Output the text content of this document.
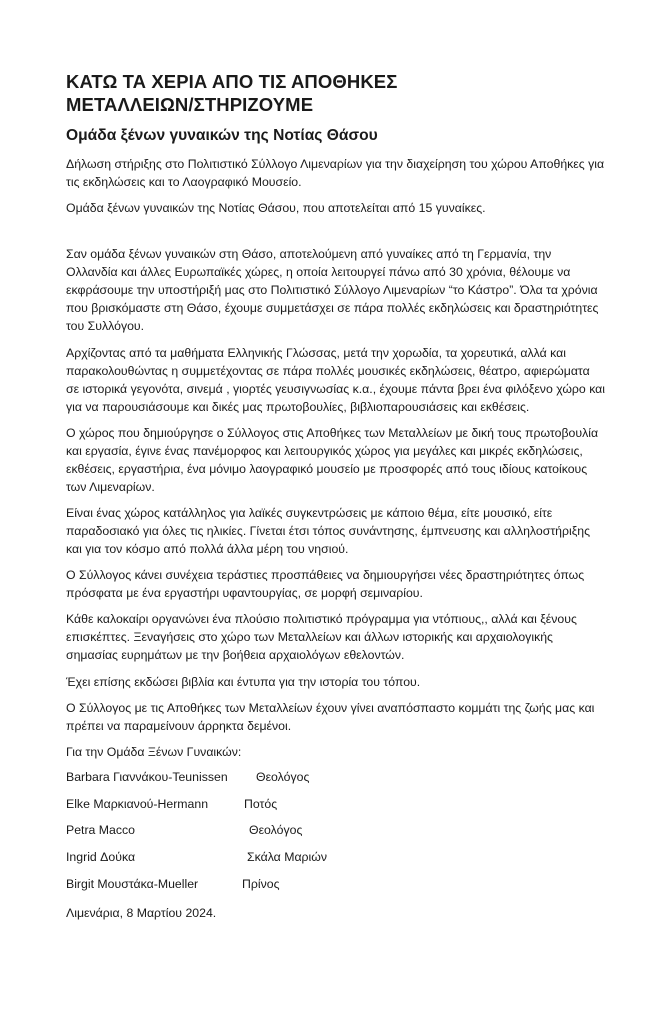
ΚΑΤΩ ΤΑ ΧΕΡΙΑ ΑΠΟ ΤΙΣ ΑΠΟΘΗΚΕΣ
ΜΕΤΑΛΛΕΙΩΝ/ΣΤΗΡΙΖΟΥΜΕ
Ομάδα ξένων γυναικών της Νοτίας Θάσου

Δήλωση στήριξης στο Πολιτιστικό Σύλλογο Λιμεναρίων για την διαχείρηση του χώρου Αποθήκες για τις εκδηλώσεις και το Λαογραφικό Μουσείο.

Ομάδα ξένων γυναικών της Νοτίας Θάσου, που αποτελείται από 15 γυναίκες.

Σαν ομάδα ξένων γυναικών στη Θάσο, αποτελούμενη από γυναίκες από τη Γερμανία, την Ολλανδία και άλλες Ευρωπαϊκές χώρες, η οποία λειτουργεί πάνω από 30 χρόνια, θέλουμε να εκφράσουμε την υποστήριξή μας στο Πολιτιστικό Σύλλογο Λιμεναρίων “το Κάστρο”. Όλα τα χρόνια που βρισκόμαστε στη Θάσο, έχουμε συμμετάσχει σε πάρα πολλές εκδηλώσεις και δραστηριότητες του Συλλόγου.

Αρχίζοντας από τα μαθήματα Ελληνικής Γλώσσας, μετά την χορωδία, τα χορευτικά, αλλά και παρακολουθώντας η συμμετέχοντας σε πάρα πολλές μουσικές εκδηλώσεις, θέατρο, αφιερώματα σε ιστορικά γεγονότα, σινεμά , γιορτές γευσιγνωσίας κ.α., έχουμε πάντα βρει ένα φιλόξενο χώρο και για να παρουσιάσουμε και δικές μας πρωτοβουλίες, βιβλιοπαρουσιάσεις και εκθέσεις.

Ο χώρος που δημιούργησε ο Σύλλογος στις Αποθήκες των Μεταλλείων με δική τους πρωτοβουλία και εργασία, έγινε ένας πανέμορφος και λειτουργικός χώρος για μεγάλες και μικρές εκδηλώσεις, εκθέσεις, εργαστήρια, ένα μόνιμο λαογραφικό μουσείο με προσφορές από τους ιδίους κατοίκους των Λιμεναρίων.

Είναι ένας χώρος κατάλληλος για λαϊκές συγκεντρώσεις με κάποιο θέμα, είτε μουσικό, είτε παραδοσιακό για όλες τις ηλικίες. Γίνεται έτσι τόπος συνάντησης, έμπνευσης και αλληλοστήριξης και για τον κόσμο από πολλά άλλα μέρη του νησιού.

Ο Σύλλογος κάνει συνέχεια τεράστιες προσπάθειες να δημιουργήσει νέες δραστηριότητες όπως πρόσφατα με ένα εργαστήρι υφαντουργίας, σε μορφή σεμιναρίου.

Κάθε καλοκαίρι οργανώνει ένα πλούσιο πολιτιστικό πρόγραμμα για ντόπιους,, αλλά και ξένους επισκέπτες. Ξεναγήσεις στο χώρο των Μεταλλείων και άλλων ιστορικής και αρχαιολογικής σημασίας ευρημάτων με την βοήθεια αρχαιολόγων εθελοντών.

Έχει επίσης εκδώσει βιβλία και έντυπα για την ιστορία του τόπου.

Ο Σύλλογος με τις Αποθήκες των Μεταλλείων έχουν γίνει αναπόσπαστο κομμάτι της ζωής μας και πρέπει να παραμείνουν άρρηκτα δεμένοι.

Για την Ομάδα Ξένων Γυναικών:

Barbara Γιαννάκου-Teunissen Θεολόγος
Elke Μαρκιανού-Hermann	Ποτός
Petra Macco	Θεολόγος
Ingrid Δούκα	Σκάλα Μαριών
Birgit Μουστάκα-Mueller	Πρίνος
Λιμενάρια, 8 Μαρτίου 2024.
